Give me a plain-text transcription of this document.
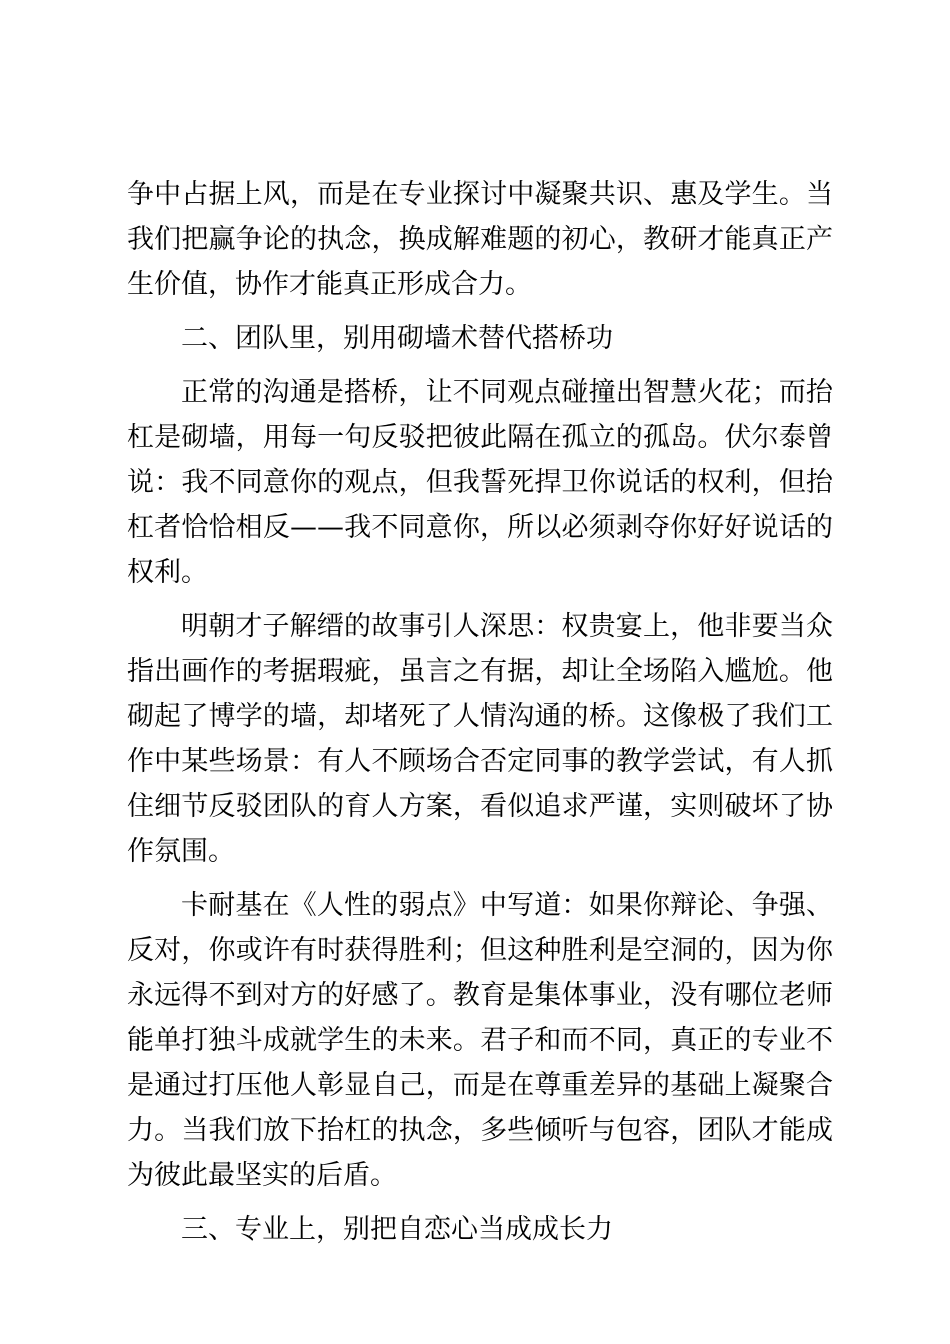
争中占据上风，而是在专业探讨中凝聚共识、惠及学生。当我们把赢争论的执念，换成解难题的初心，教研才能真正产生价值，协作才能真正形成合力。

二、团队里，别用砌墙术替代搭桥功

正常的沟通是搭桥，让不同观点碰撞出智慧火花；而抬杠是砌墙，用每一句反驳把彼此隔在孤立的孤岛。伏尔泰曾说：我不同意你的观点，但我誓死捍卫你说话的权利，但抬杠者恰恰相反——我不同意你，所以必须剥夺你好好说话的权利。

明朝才子解缙的故事引人深思：权贵宴上，他非要当众指出画作的考据瑕疵，虽言之有据，却让全场陷入尴尬。他砌起了博学的墙，却堵死了人情沟通的桥。这像极了我们工作中某些场景：有人不顾场合否定同事的教学尝试，有人抓住细节反驳团队的育人方案，看似追求严谨，实则破坏了协作氛围。

卡耐基在《人性的弱点》中写道：如果你辩论、争强、反对，你或许有时获得胜利；但这种胜利是空洞的，因为你永远得不到对方的好感了。教育是集体事业，没有哪位老师能单打独斗成就学生的未来。君子和而不同，真正的专业不是通过打压他人彰显自己，而是在尊重差异的基础上凝聚合力。当我们放下抬杠的执念，多些倾听与包容，团队才能成为彼此最坚实的后盾。

三、专业上，别把自恋心当成成长力
